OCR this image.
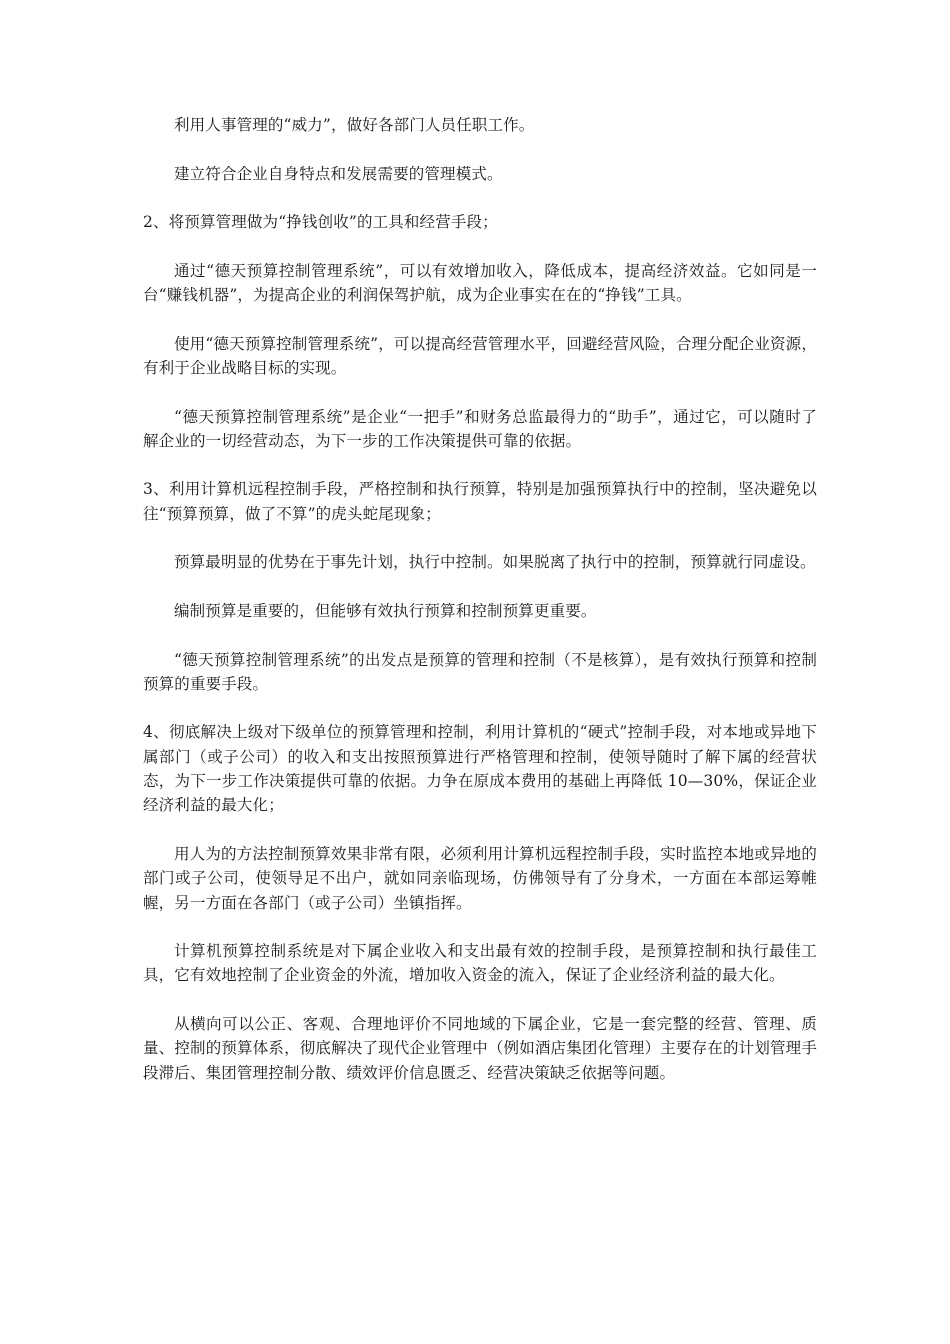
利用人事管理的“威力”，做好各部门人员任职工作。

建立符合企业自身特点和发展需要的管理模式。

2、将预算管理做为“挣钱创收”的工具和经营手段；

通过“德天预算控制管理系统”，可以有效增加收入，降低成本，提高经济效益。它如同是一台“赚钱机器”，为提高企业的利润保驾护航，成为企业事实在在的“挣钱”工具。

使用“德天预算控制管理系统”，可以提高经营管理水平，回避经营风险，合理分配企业资源，有利于企业战略目标的实现。

“德天预算控制管理系统”是企业“一把手”和财务总监最得力的“助手”，通过它，可以随时了解企业的一切经营动态，为下一步的工作决策提供可靠的依据。

3、利用计算机远程控制手段，严格控制和执行预算，特别是加强预算执行中的控制，坚决避免以往“预算预算，做了不算”的虎头蛇尾现象；

预算最明显的优势在于事先计划，执行中控制。如果脱离了执行中的控制，预算就行同虚设。

编制预算是重要的，但能够有效执行预算和控制预算更重要。

“德天预算控制管理系统”的出发点是预算的管理和控制（不是核算），是有效执行预算和控制预算的重要手段。

4、彻底解决上级对下级单位的预算管理和控制，利用计算机的“硬式”控制手段，对本地或异地下属部门（或子公司）的收入和支出按照预算进行严格管理和控制，使领导随时了解下属的经营状态，为下一步工作决策提供可靠的依据。力争在原成本费用的基础上再降低 10—30%，保证企业经济利益的最大化；

用人为的方法控制预算效果非常有限，必须利用计算机远程控制手段，实时监控本地或异地的部门或子公司，使领导足不出户，就如同亲临现场，仿佛领导有了分身术，一方面在本部运筹帷幄，另一方面在各部门（或子公司）坐镇指挥。

计算机预算控制系统是对下属企业收入和支出最有效的控制手段，是预算控制和执行最佳工具，它有效地控制了企业资金的外流，增加收入资金的流入，保证了企业经济利益的最大化。

从横向可以公正、客观、合理地评价不同地域的下属企业，它是一套完整的经营、管理、质量、控制的预算体系，彻底解决了现代企业管理中（例如酒店集团化管理）主要存在的计划管理手段滞后、集团管理控制分散、绩效评价信息匮乏、经营决策缺乏依据等问题。
